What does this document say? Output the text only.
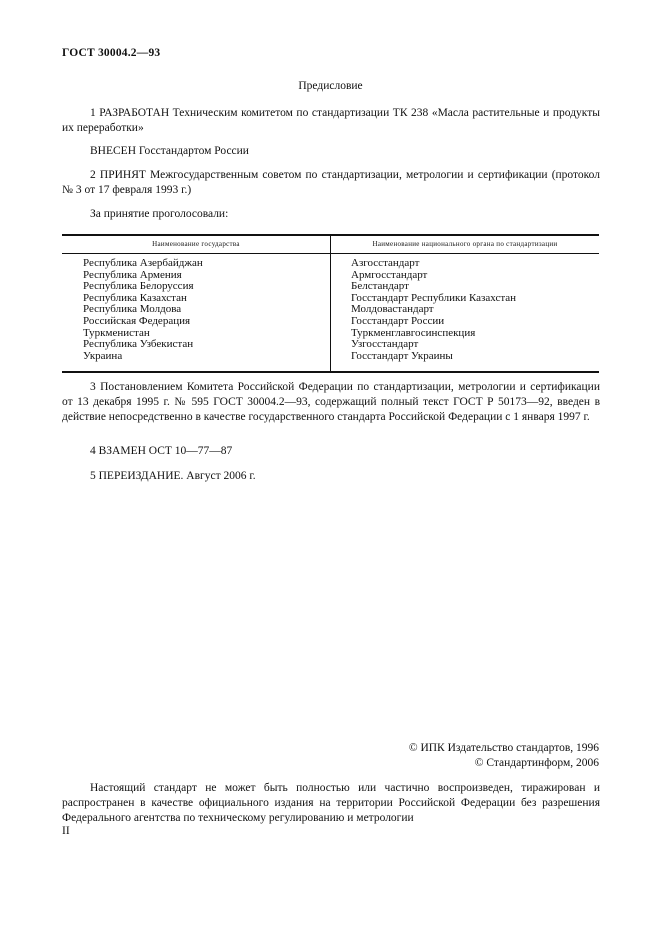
ГОСТ 30004.2—93
Предисловие
1 РАЗРАБОТАН Техническим комитетом по стандартизации ТК 238 «Масла растительные и продукты их переработки»
ВНЕСЕН Госстандартом России
2 ПРИНЯТ Межгосударственным советом по стандартизации, метрологии и сертификации (протокол № 3 от 17 февраля 1993 г.)
За принятие проголосовали:
Наименование государства	Наименование национального органа по стандартизации
Республика Азербайджан
Республика Армения
Республика Белоруссия
Республика Казахстан
Республика Молдова
Российская Федерация
Туркменистан
Республика Узбекистан
Украина
Азгосстандарт
Армгосстандарт
Белстандарт
Госстандарт Республики Казахстан
Молдовастандарт
Госстандарт России
Туркменглавгосинспекция
Узгосстандарт
Госстандарт Украины
3 Постановлением Комитета Российской Федерации по стандартизации, метрологии и сертификации от 13 декабря 1995 г. № 595 ГОСТ 30004.2—93, содержащий полный текст ГОСТ Р 50173—92, введен в действие непосредственно в качестве государственного стандарта Российской Федерации с 1 января 1997 г.
4 ВЗАМЕН ОСТ 10—77—87
5 ПЕРЕИЗДАНИЕ. Август 2006 г.
© ИПК Издательство стандартов, 1996
© Стандартинформ, 2006
Настоящий стандарт не может быть полностью или частично воспроизведен, тиражирован и распространен в качестве официального издания на территории Российской Федерации без разрешения Федерального агентства по техническому регулированию и метрологии
II
